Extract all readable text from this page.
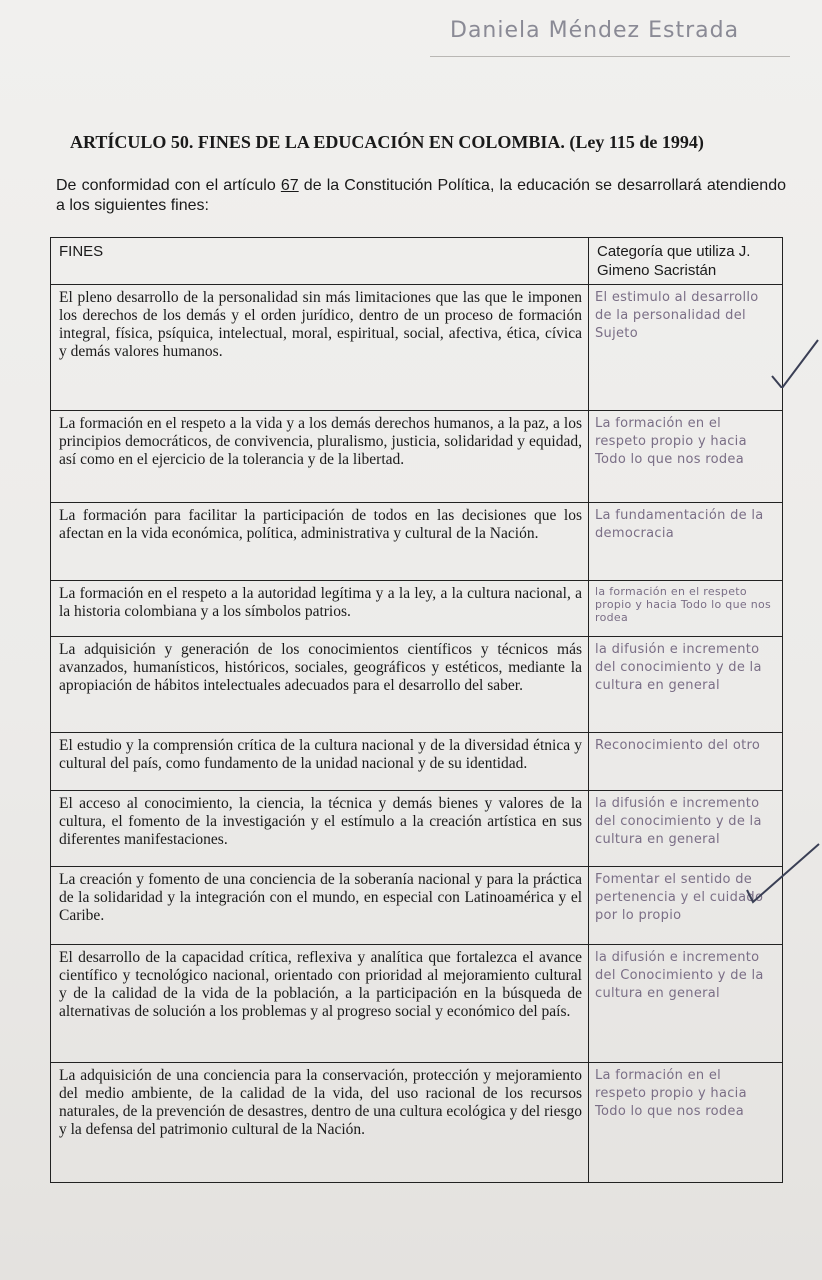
Daniela Méndez Estrada
ARTÍCULO 50. FINES DE LA EDUCACIÓN EN COLOMBIA. (Ley 115 de 1994)
De conformidad con el artículo 67 de la Constitución Política, la educación se desarrollará atendiendo a los siguientes fines:
FINES	Categoría que utiliza J. Gimeno Sacristán
El pleno desarrollo de la personalidad sin más limitaciones que las que le imponen los derechos de los demás y el orden jurídico, dentro de un proceso de formación integral, física, psíquica, intelectual, moral, espiritual, social, afectiva, ética, cívica y demás valores humanos.	El estimulo al desarrollo de la personalidad del Sujeto
La formación en el respeto a la vida y a los demás derechos humanos, a la paz, a los principios democráticos, de convivencia, pluralismo, justicia, solidaridad y equidad, así como en el ejercicio de la tolerancia y de la libertad.	La formación en el respeto propio y hacia Todo lo que nos rodea
La formación para facilitar la participación de todos en las decisiones que los afectan en la vida económica, política, administrativa y cultural de la Nación.	La fundamentación de la democracia
La formación en el respeto a la autoridad legítima y a la ley, a la cultura nacional, a la historia colombiana y a los símbolos patrios.	la formación en el respeto propio y hacia Todo lo que nos rodea
La adquisición y generación de los conocimientos científicos y técnicos más avanzados, humanísticos, históricos, sociales, geográficos y estéticos, mediante la apropiación de hábitos intelectuales adecuados para el desarrollo del saber.	la difusión e incremento del conocimiento y de la cultura en general
El estudio y la comprensión crítica de la cultura nacional y de la diversidad étnica y cultural del país, como fundamento de la unidad nacional y de su identidad.	Reconocimiento del otro
El acceso al conocimiento, la ciencia, la técnica y demás bienes y valores de la cultura, el fomento de la investigación y el estímulo a la creación artística en sus diferentes manifestaciones.	la difusión e incremento del conocimiento y de la cultura en general
La creación y fomento de una conciencia de la soberanía nacional y para la práctica de la solidaridad y la integración con el mundo, en especial con Latinoamérica y el Caribe.	Fomentar el sentido de pertenencia y el cuidado por lo propio
El desarrollo de la capacidad crítica, reflexiva y analítica que fortalezca el avance científico y tecnológico nacional, orientado con prioridad al mejoramiento cultural y de la calidad de la vida de la población, a la participación en la búsqueda de alternativas de solución a los problemas y al progreso social y económico del país.	la difusión e incremento del Conocimiento y de la cultura en general
La adquisición de una conciencia para la conservación, protección y mejoramiento del medio ambiente, de la calidad de la vida, del uso racional de los recursos naturales, de la prevención de desastres, dentro de una cultura ecológica y del riesgo y la defensa del patrimonio cultural de la Nación.	La formación en el respeto propio y hacia Todo lo que nos rodea
